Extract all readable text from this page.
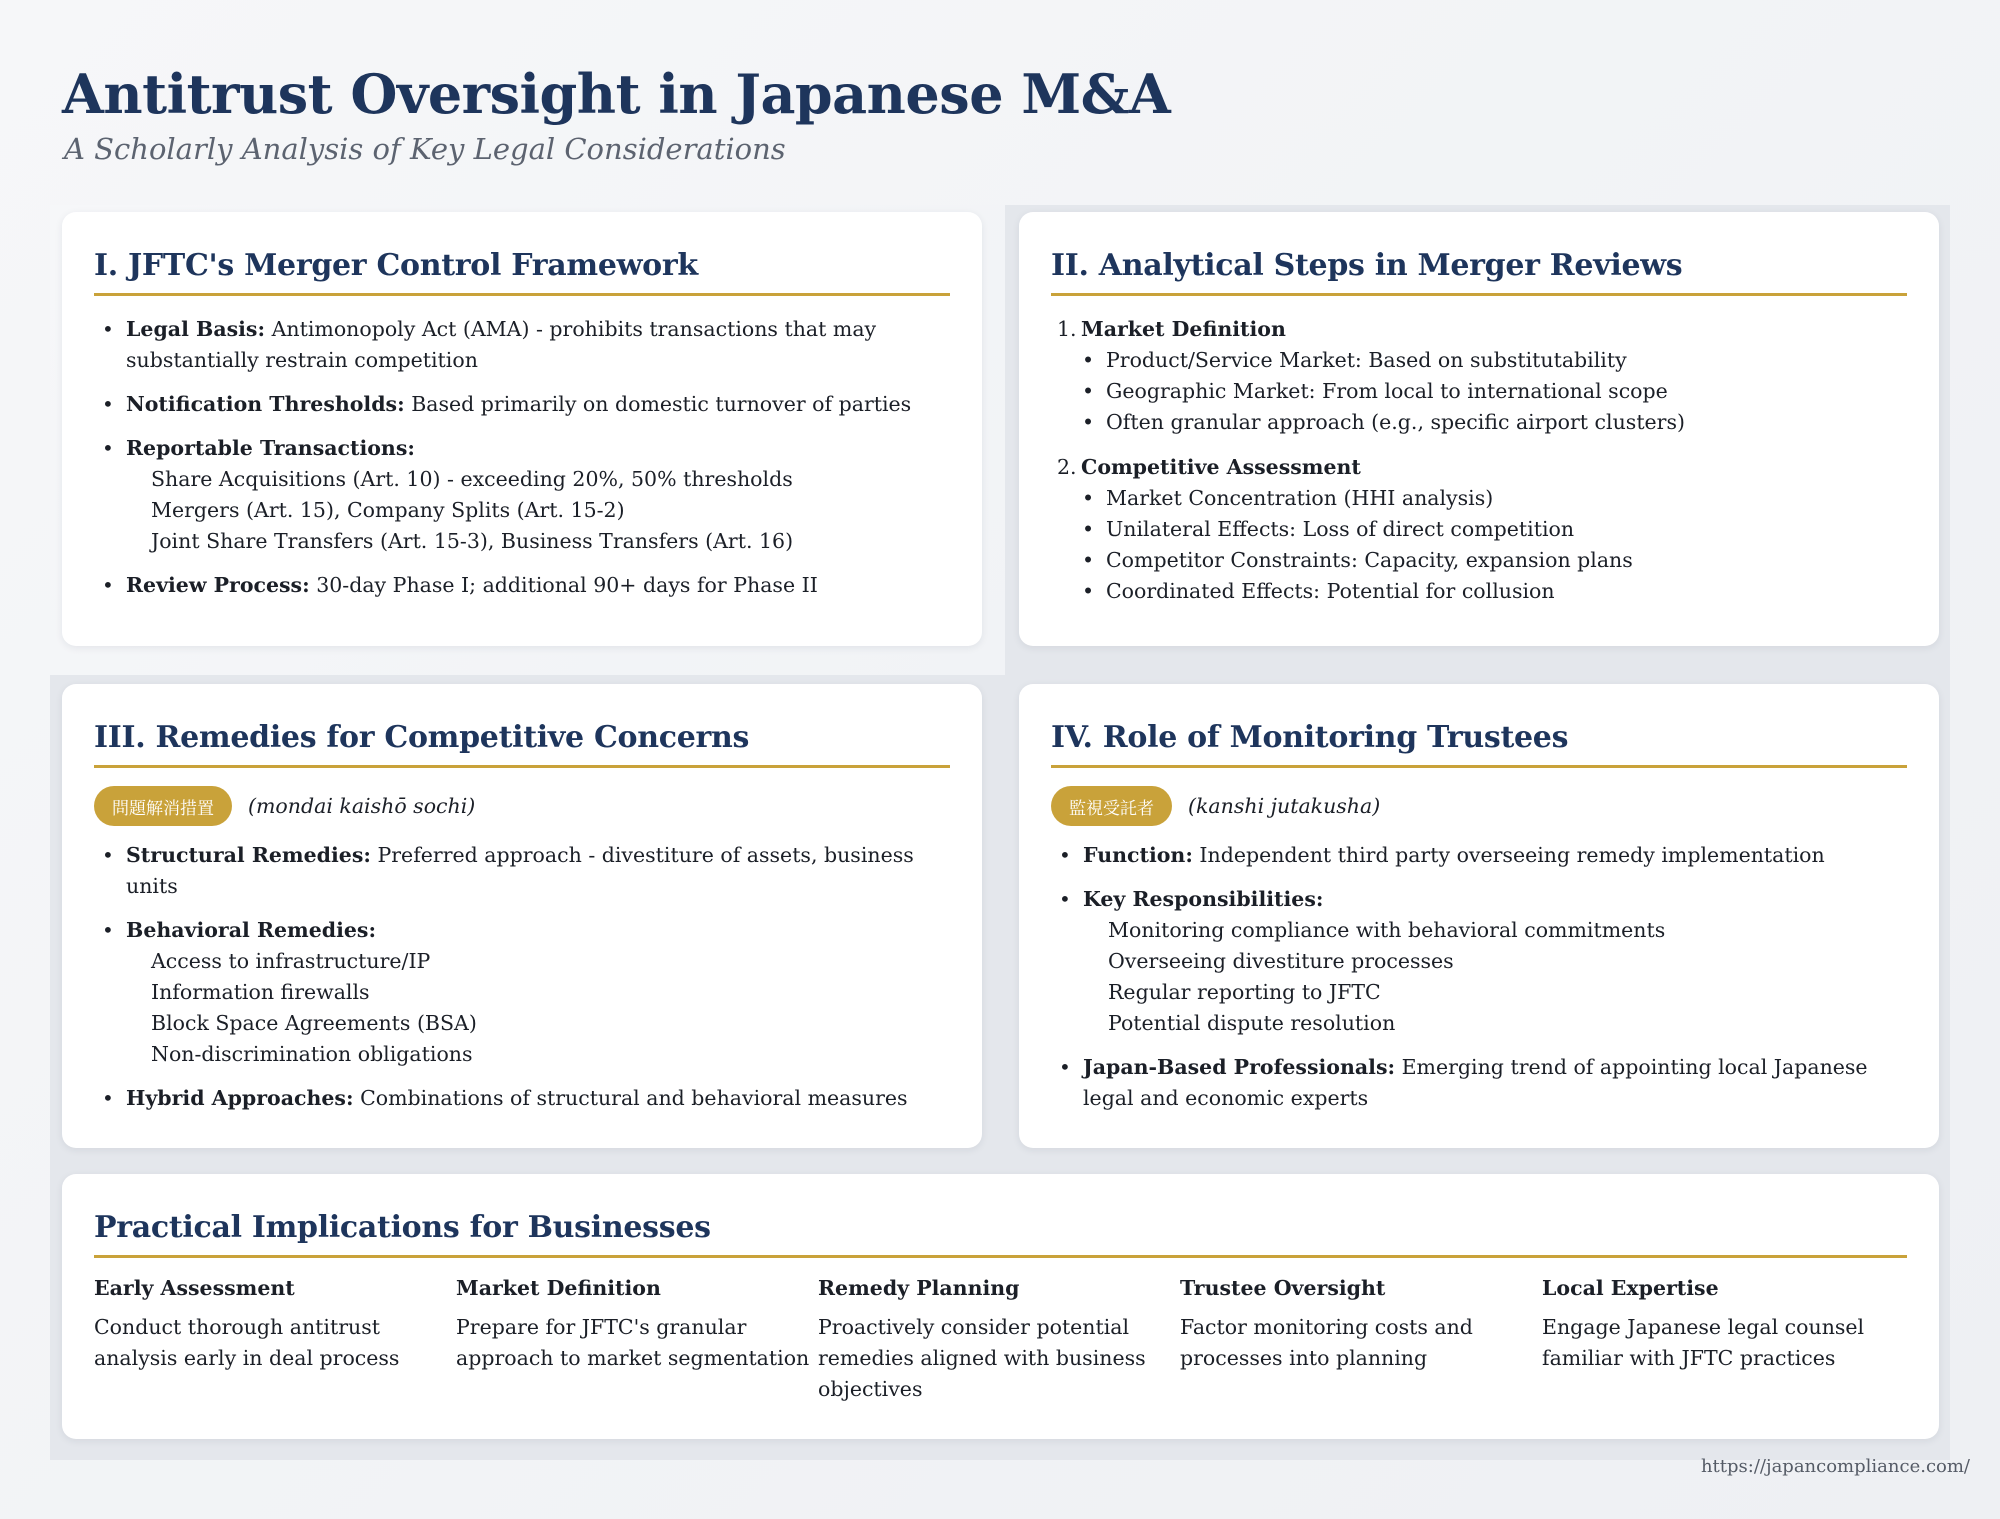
Antitrust Oversight in Japanese M&A
A Scholarly Analysis of Key Legal Considerations
I. JFTC's Merger Control Framework
• Legal Basis: Antimonopoly Act (AMA) - prohibits transactions that may substantially restrain competition
• Notification Thresholds: Based primarily on domestic turnover of parties
• Reportable Transactions:
Share Acquisitions (Art. 10) - exceeding 20%, 50% thresholds
Mergers (Art. 15), Company Splits (Art. 15-2)
Joint Share Transfers (Art. 15-3), Business Transfers (Art. 16)
• Review Process: 30-day Phase I; additional 90+ days for Phase II
II. Analytical Steps in Merger Reviews
1. Market Definition
• Product/Service Market: Based on substitutability
• Geographic Market: From local to international scope
• Often granular approach (e.g., specific airport clusters)
2. Competitive Assessment
• Market Concentration (HHI analysis)
• Unilateral Effects: Loss of direct competition
• Competitor Constraints: Capacity, expansion plans
• Coordinated Effects: Potential for collusion
III. Remedies for Competitive Concerns
問題解消措置	(mondai kaishō sochi)
• Structural Remedies: Preferred approach - divestiture of assets, business units
• Behavioral Remedies:
Access to infrastructure/IP
Information firewalls
Block Space Agreements (BSA)
Non-discrimination obligations
• Hybrid Approaches: Combinations of structural and behavioral measures
IV. Role of Monitoring Trustees
監視受託者	(kanshi jutakusha)
• Function: Independent third party overseeing remedy implementation
• Key Responsibilities:
Monitoring compliance with behavioral commitments
Overseeing divestiture processes
Regular reporting to JFTC
Potential dispute resolution
• Japan-Based Professionals: Emerging trend of appointing local Japanese legal and economic experts
Practical Implications for Businesses
Early Assessment

Conduct thorough antitrust analysis early in deal process

Market Definition

Prepare for JFTC's granular approach to market segmentation

Remedy Planning

Proactively consider potential remedies aligned with business objectives

Trustee Oversight

Factor monitoring costs and processes into planning

Local Expertise

Engage Japanese legal counsel familiar with JFTC practices

https://japancompliance.com/
